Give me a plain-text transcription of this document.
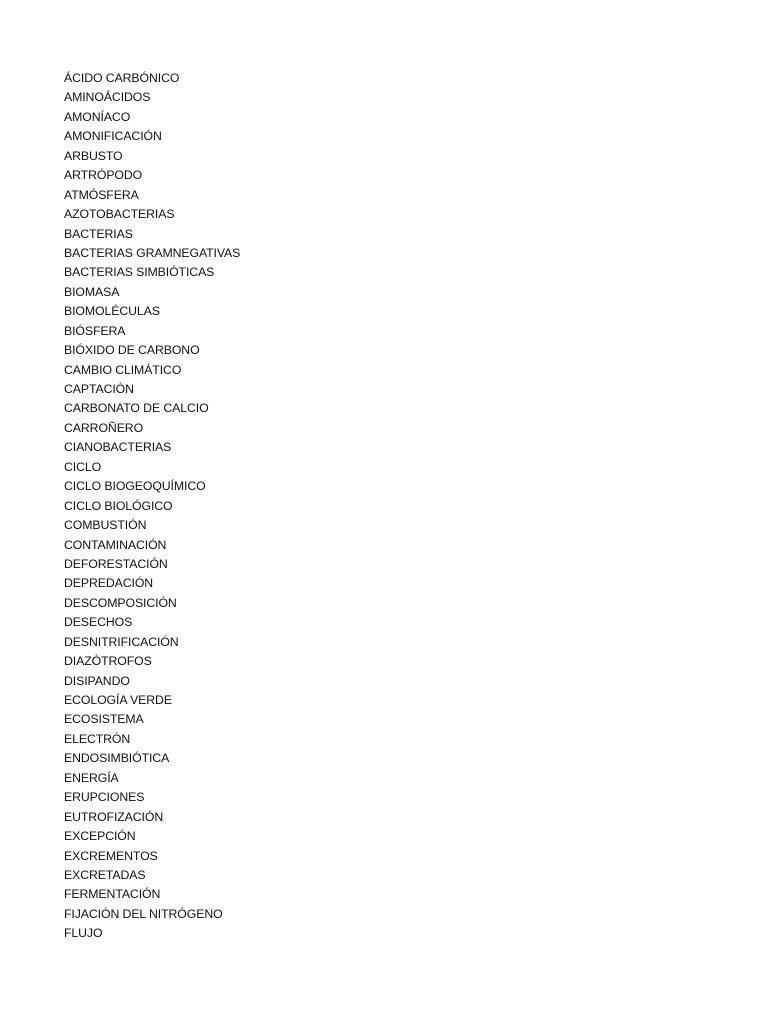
ÁCIDO CARBÓNICO
AMINOÁCIDOS
AMONÍACO
AMONIFICACIÓN
ARBUSTO
ARTRÓPODO
ATMÓSFERA
AZOTOBACTERIAS
BACTERIAS
BACTERIAS GRAMNEGATIVAS
BACTERIAS SIMBIÓTICAS
BIOMASA
BIOMOLÉCULAS
BIÓSFERA
BIÓXIDO DE CARBONO
CAMBIO CLIMÁTICO
CAPTACIÓN
CARBONATO DE CALCIO
CARROÑERO
CIANOBACTERIAS
CICLO
CICLO BIOGEOQUÍMICO
CICLO BIOLÓGICO
COMBUSTIÓN
CONTAMINACIÓN
DEFORESTACIÓN
DEPREDACIÓN
DESCOMPOSICIÓN
DESECHOS
DESNITRIFICACIÓN
DIAZÓTROFOS
DISIPANDO
ECOLOGÍA VERDE
ECOSISTEMA
ELECTRÓN
ENDOSIMBIÓTICA
ENERGÍA
ERUPCIONES
EUTROFIZACIÓN
EXCEPCIÓN
EXCREMENTOS
EXCRETADAS
FERMENTACIÓN
FIJACIÓN DEL NITRÓGENO
FLUJO
